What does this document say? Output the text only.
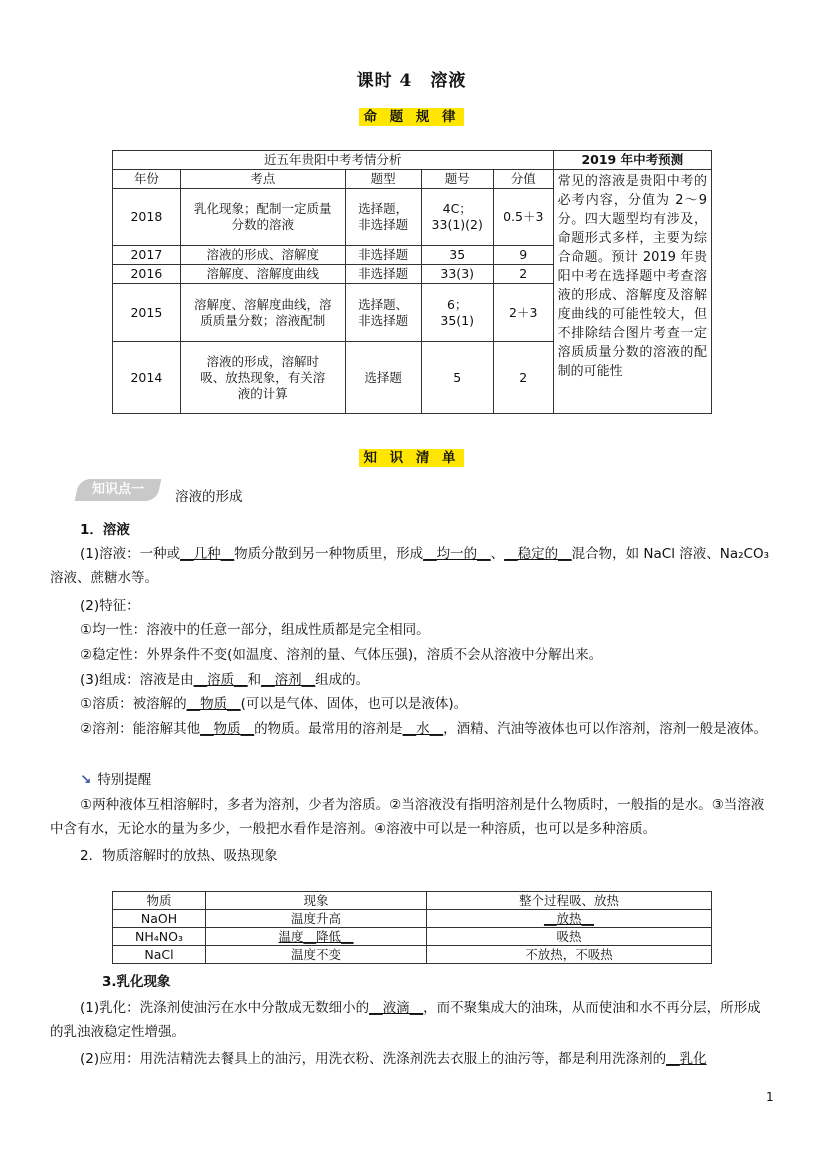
课时 4　溶液
命 题 规 律
近五年贵阳中考考情分析					2019 年中考预测
年份	考点	题型	题号	分值	常见的溶液是贵阳中考的必考内容，分值为 2～9 分。四大题型均有涉及，命题形式多样，主要为综合命题。预计 2019 年贵阳中考在选择题中考查溶液的形成、溶解度及溶解度曲线的可能性较大，但不排除结合图片考查一定溶质质量分数的溶液的配制的可能性
2018	乳化现象；配制一定质量分数的溶液	选择题，非选择题	4C；33(1)(2)	0.5＋3	
2017	溶液的形成、溶解度	非选择题	35	9	
2016	溶解度、溶解度曲线	非选择题	33(3)	2	
2015	溶解度、溶解度曲线，溶质质量分数；溶液配制	选择题、非选择题	6；35(1)	2＋3	
2014	溶液的形成，溶解时吸、放热现象，有关溶液的计算	选择题	5	2	
知 识 清 单
知识点一	溶液的形成
1．溶液
(1)溶液：一种或__几种__物质分散到另一种物质里，形成__均一的__、__稳定的__混合物，如 NaCl 溶液、Na₂CO₃ 溶液、蔗糖水等。
(2)特征：
①均一性：溶液中的任意一部分，组成性质都是完全相同。
②稳定性：外界条件不变(如温度、溶剂的量、气体压强)，溶质不会从溶液中分解出来。
(3)组成：溶液是由__溶质__和__溶剂__组成的。
①溶质：被溶解的__物质__(可以是气体、固体，也可以是液体)。
②溶剂：能溶解其他__物质__的物质。最常用的溶剂是__水__，酒精、汽油等液体也可以作溶剂，溶剂一般是液体。
↘ 特别提醒
①两种液体互相溶解时，多者为溶剂，少者为溶质。②当溶液没有指明溶剂是什么物质时，一般指的是水。③当溶液中含有水，无论水的量为多少，一般把水看作是溶剂。④溶液中可以是一种溶质，也可以是多种溶质。
2．物质溶解时的放热、吸热现象
物质	现象	整个过程吸、放热
NaOH	温度升高	__放热__
NH₄NO₃	温度__降低__	吸热
NaCl	温度不变	不放热，不吸热
3.乳化现象
(1)乳化：洗涤剂使油污在水中分散成无数细小的__液滴__，而不聚集成大的油珠，从而使油和水不再分层，所形成的乳浊液稳定性增强。
(2)应用：用洗洁精洗去餐具上的油污，用洗衣粉、洗涤剂洗去衣服上的油污等，都是利用洗涤剂的__乳化
1
